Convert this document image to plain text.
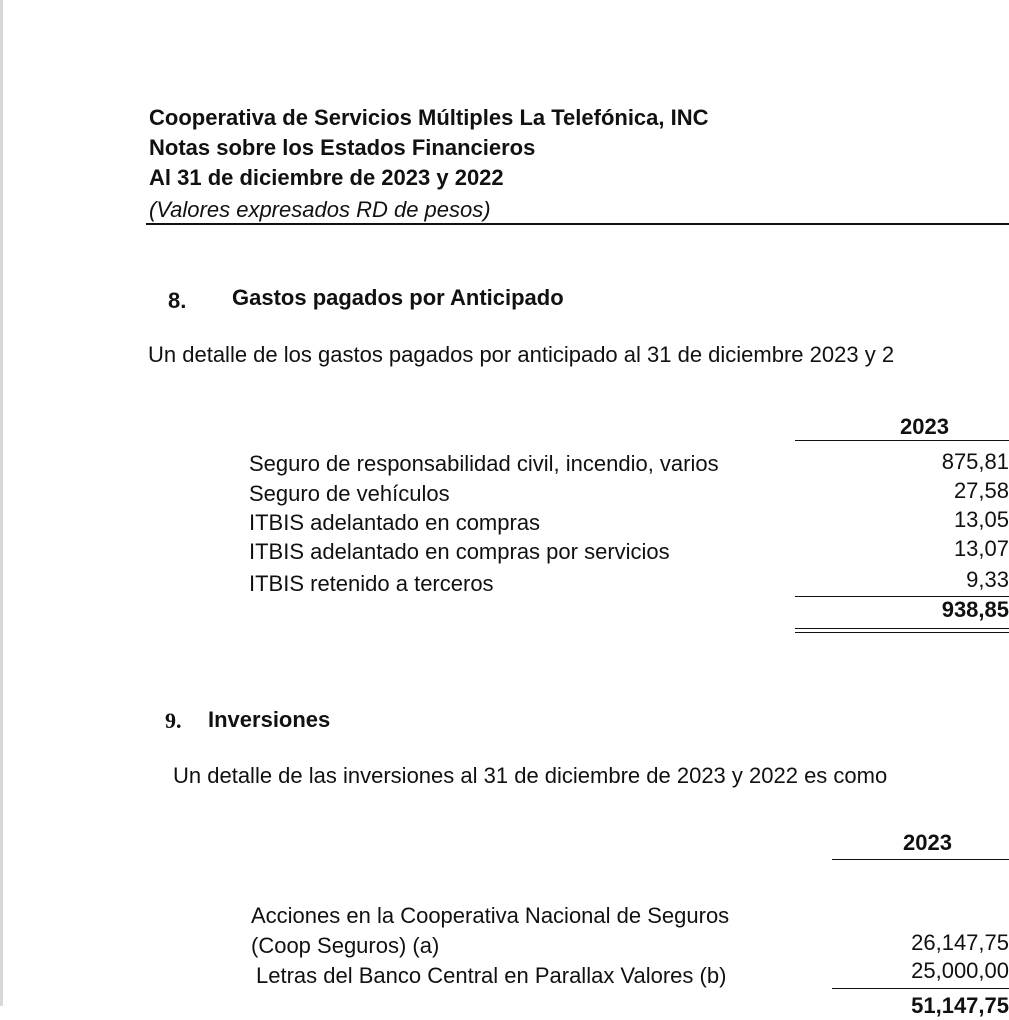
Cooperativa de Servicios Múltiples La Telefónica, INC
Notas sobre los Estados Financieros
Al 31 de diciembre de 2023 y 2022
(Valores expresados RD de pesos)
8. Gastos pagados por Anticipado
Un detalle de los gastos pagados por anticipado al 31 de diciembre 2023 y 2
2023
Seguro de responsabilidad civil, incendio, varios	875,81
Seguro de vehículos	27,58
ITBIS adelantado en compras	13,05
ITBIS adelantado en compras por servicios	13,07
ITBIS retenido a terceros	9,33
938,85
9. Inversiones
Un detalle de las inversiones al 31 de diciembre de 2023 y 2022 es como
2023
Acciones en la Cooperativa Nacional de Seguros
(Coop Seguros) (a)	26,147,75
Letras del Banco Central en Parallax Valores (b)	25,000,00
51,147,75
